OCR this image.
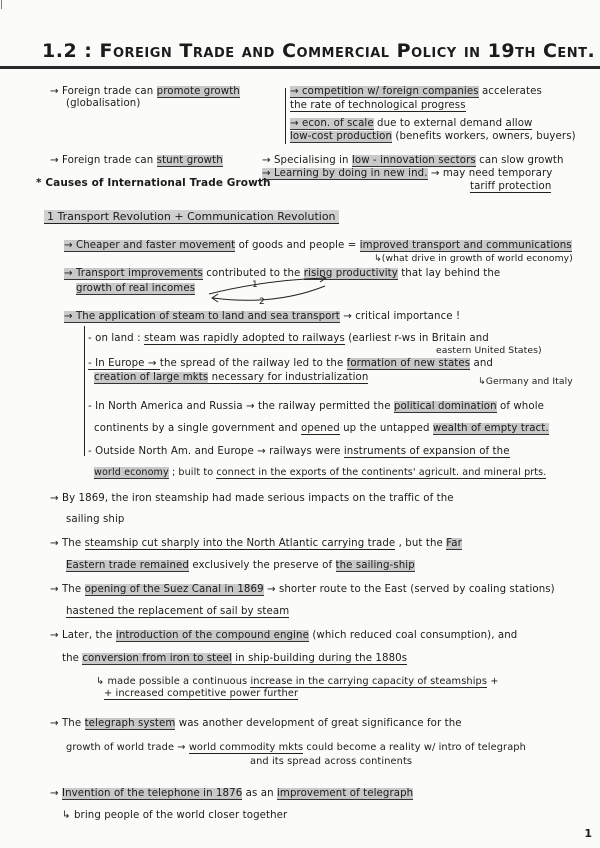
|
1.2 : Foreign Trade and Commercial Policy in 19th Cent.
→ Foreign trade can promote growth
(globalisation)
→ competition w/ foreign companies accelerates
the rate of technological progress
→ econ. of scale due to external demand allow
low-cost production (benefits workers, owners, buyers)
→ Foreign trade can stunt growth	→ Specialising in low - innovation sectors can slow growth
→ Learning by doing in new ind. → may need temporary
tariff protection
* Causes of International Trade Growth
1 Transport Revolution + Communication Revolution
→ Cheaper and faster movement of goods and people = improved transport and communications
↳(what drive in growth of world economy)
→ Transport improvements contributed to the rising productivity that lay behind the
growth of real incomes	1
2
→ The application of steam to land and sea transport → critical importance !
- on land : steam was rapidly adopted to railways (earliest r-ws in Britain and
eastern United States)
- In Europe → the spread of the railway led to the formation of new states and
creation of large mkts necessary for industrialization	↳Germany and Italy
- In North America and Russia → the railway permitted the political domination of whole
continents by a single government and opened up the untapped wealth of empty tract.
- Outside North Am. and Europe → railways were instruments of expansion of the
world economy ; built to connect in the exports of the continents' agricult. and mineral prts.
→ By 1869, the iron steamship had made serious impacts on the traffic of the
sailing ship
→ The steamship cut sharply into the North Atlantic carrying trade , but the Far
Eastern trade remained exclusively the preserve of the sailing-ship
→ The opening of the Suez Canal in 1869 → shorter route to the East (served by coaling stations)
hastened the replacement of sail by steam
→ Later, the introduction of the compound engine (which reduced coal consumption), and
the conversion from iron to steel in ship-building during the 1880s
↳ made possible a continuous increase in the carrying capacity of steamships +
+ increased competitive power further
→ The telegraph system was another development of great significance for the
growth of world trade → world commodity mkts could become a reality w/ intro of telegraph
and its spread across continents
→ Invention of the telephone in 1876 as an improvement of telegraph
↳ bring people of the world closer together
1
